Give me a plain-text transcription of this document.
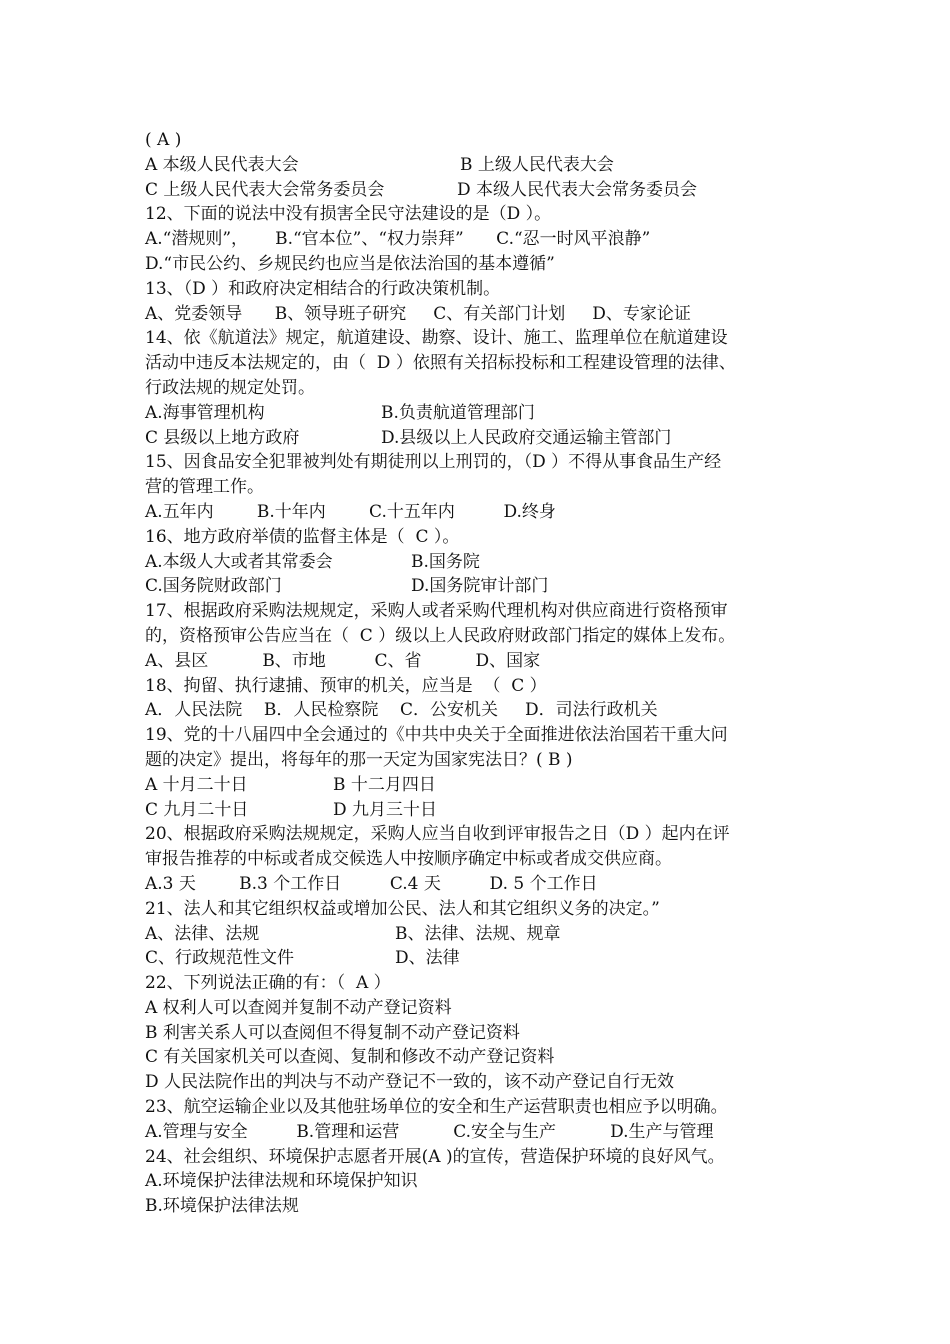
( A )
A 本级人民代表大会	B 上级人民代表大会
C 上级人民代表大会常务委员会	D 本级人民代表大会常务委员会
12、下面的说法中没有损害全民守法建设的是（D ）。
A.“潜规则”，     B.“官本位”、“权力崇拜”      C.“忍一时风平浪静”
D.“市民公约、乡规民约也应当是依法治国的基本遵循”
13、（D ）和政府决定相结合的行政决策机制。
A、党委领导      B、领导班子研究     C、有关部门计划     D、专家论证
14、依《航道法》规定，航道建设、勘察、设计、施工、监理单位在航道建设
活动中违反本法规定的，由（  D ）依照有关招标投标和工程建设管理的法律、
行政法规的规定处罚。
A.海事管理机构	B.负责航道管理部门
C 县级以上地方政府	D.县级以上人民政府交通运输主管部门
15、因食品安全犯罪被判处有期徒刑以上刑罚的，（D ）不得从事食品生产经
营的管理工作。
A.五年内        B.十年内        C.十五年内         D.终身
16、地方政府举债的监督主体是（  C ）。
A.本级人大或者其常委会	B.国务院
C.国务院财政部门	D.国务院审计部门
17、根据政府采购法规规定，采购人或者采购代理机构对供应商进行资格预审
的，资格预审公告应当在（  C ）级以上人民政府财政部门指定的媒体上发布。
A、县区          B、市地         C、省          D、国家
18、拘留、执行逮捕、预审的机关，应当是  （  C ）
A．人民法院    B．人民检察院    C．公安机关     D．司法行政机关
19、党的十八届四中全会通过的《中共中央关于全面推进依法治国若干重大问
题的决定》提出，将每年的那一天定为国家宪法日？( B )
A 十月二十日	B 十二月四日
C 九月二十日	D 九月三十日
20、根据政府采购法规规定，采购人应当自收到评审报告之日（D ）起内在评
审报告推荐的中标或者成交候选人中按顺序确定中标或者成交供应商。
A.3 天        B.3 个工作日         C.4 天         D. 5 个工作日
21、法人和其它组织权益或增加公民、法人和其它组织义务的决定。”
A、法律、法规	B、法律、法规、规章
C、行政规范性文件	D、法律
22、下列说法正确的有：（  A ）
A 权利人可以查阅并复制不动产登记资料
B 利害关系人可以查阅但不得复制不动产登记资料
C 有关国家机关可以查阅、复制和修改不动产登记资料
D 人民法院作出的判决与不动产登记不一致的，该不动产登记自行无效
23、航空运输企业以及其他驻场单位的安全和生产运营职责也相应予以明确。
A.管理与安全         B.管理和运营          C.安全与生产          D.生产与管理
24、社会组织、环境保护志愿者开展(A )的宣传，营造保护环境的良好风气。
A.环境保护法律法规和环境保护知识
B.环境保护法律法规
